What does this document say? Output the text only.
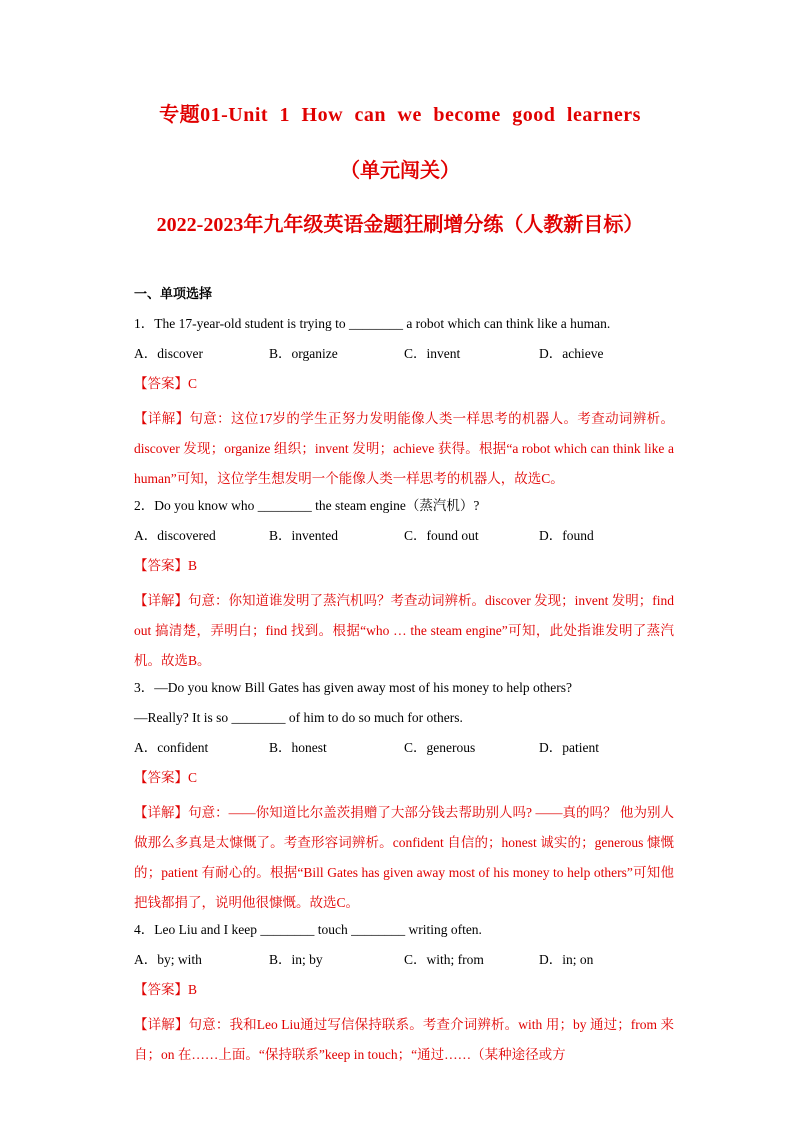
专题01-Unit 1 How can we become good learners
（单元闯关）
2022-2023年九年级英语金题狂刷增分练（人教新目标）
一、单项选择
1．The 17-year-old student is trying to ________ a robot which can think like a human.
A．discover	B．organize	C．invent	D．achieve
【答案】C
【详解】句意：这位17岁的学生正努力发明能像人类一样思考的机器人。考查动词辨析。discover 发现；organize 组织；invent 发明；achieve 获得。根据“a robot which can think like a human”可知，这位学生想发明一个能像人类一样思考的机器人，故选C。
2．Do you know who ________ the steam engine（蒸汽机）?
A．discovered	B．invented	C．found out	D．found
【答案】B
【详解】句意：你知道谁发明了蒸汽机吗？考查动词辨析。discover 发现；invent 发明；find out 搞清楚，弄明白；find 找到。根据“who … the steam engine”可知，此处指谁发明了蒸汽机。故选B。
3．—Do you know Bill Gates has given away most of his money to help others?
—Really? It is so ________ of him to do so much for others.
A．confident	B．honest	C．generous	D．patient
【答案】C
【详解】句意：——你知道比尔盖茨捐赠了大部分钱去帮助别人吗? ——真的吗？ 他为别人做那么多真是太慷慨了。考查形容词辨析。confident 自信的；honest 诚实的；generous 慷慨的；patient 有耐心的。根据“Bill Gates has given away most of his money to help others”可知他把钱都捐了，说明他很慷慨。故选C。
4．Leo Liu and I keep ________ touch ________ writing often.
A．by; with	B．in; by	C．with; from	D．in; on
【答案】B
【详解】句意：我和Leo Liu通过写信保持联系。考查介词辨析。with 用；by 通过；from 来自；on 在……上面。“保持联系”keep in touch；“通过……（某种途径或方
